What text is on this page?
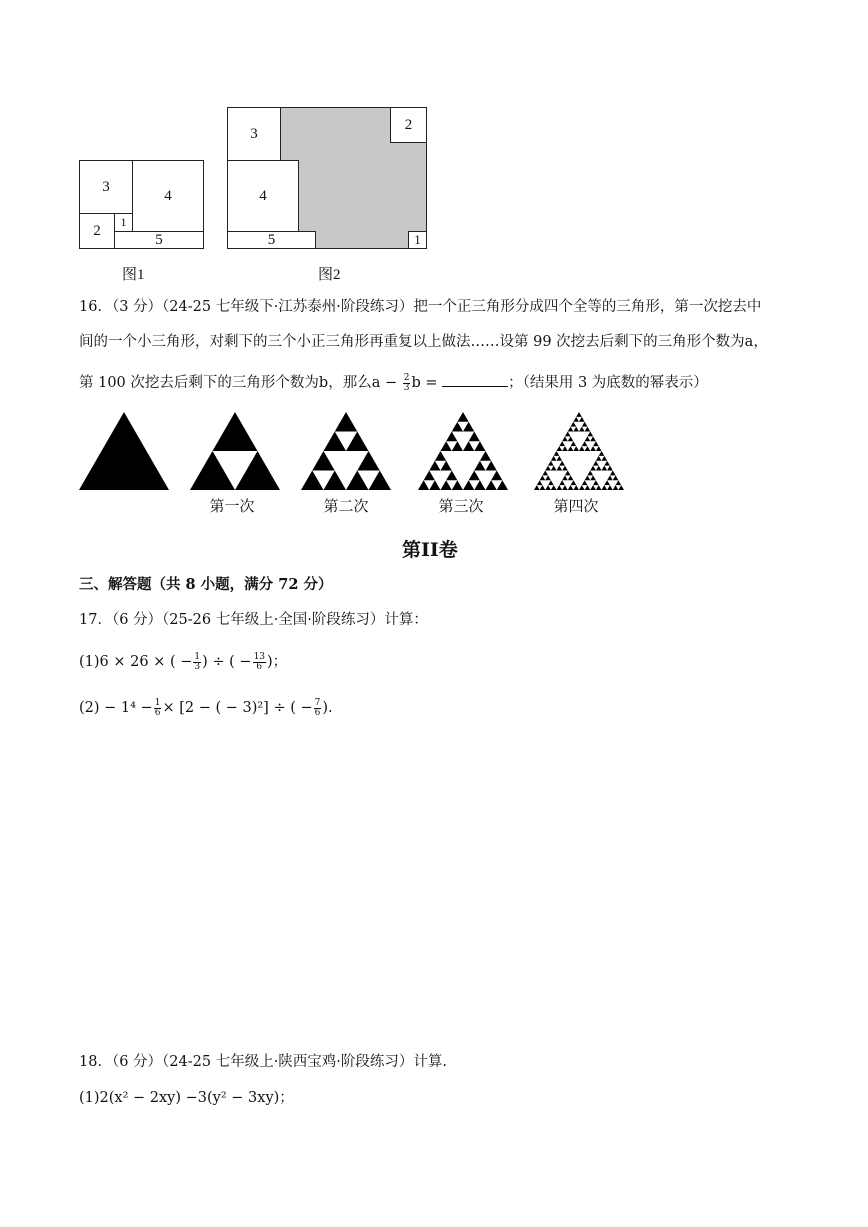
3
4
2
1
5
图1
3
2
4
5	1
图2
16．（3 分）（24-25 七年级下·江苏泰州·阶段练习）把一个正三角形分成四个全等的三角形，第一次挖去中
间的一个小三角形，对剩下的三个小正三角形再重复以上做法……设第 99 次挖去后剩下的三角形个数为a，
第 100 次挖去后剩下的三角形个数为b，那么$a - \frac{2}{3}$ b =	；（结果用 3 为底数的幂表示）
第一次	第二次	第三次	第四次
第II卷
三、解答题（共 8 小题，满分 72 分）
17．（6 分）（25-26 七年级上·全国·阶段练习）计算：
(1)6 × 26 × ( − $\frac{1}{3}$ ) ÷ ( − $\frac{13}{6}$ )；
$(2) - 1^4 - \frac{1}{6} \times [2$ − ( − 3)²] ÷ ( − $\frac{7}{6}$ ).
18．（6 分）（24-25 七年级上·陕西宝鸡·阶段练习）计算.
(1)2(x² − 2xy) −3(y² − 3xy)；
